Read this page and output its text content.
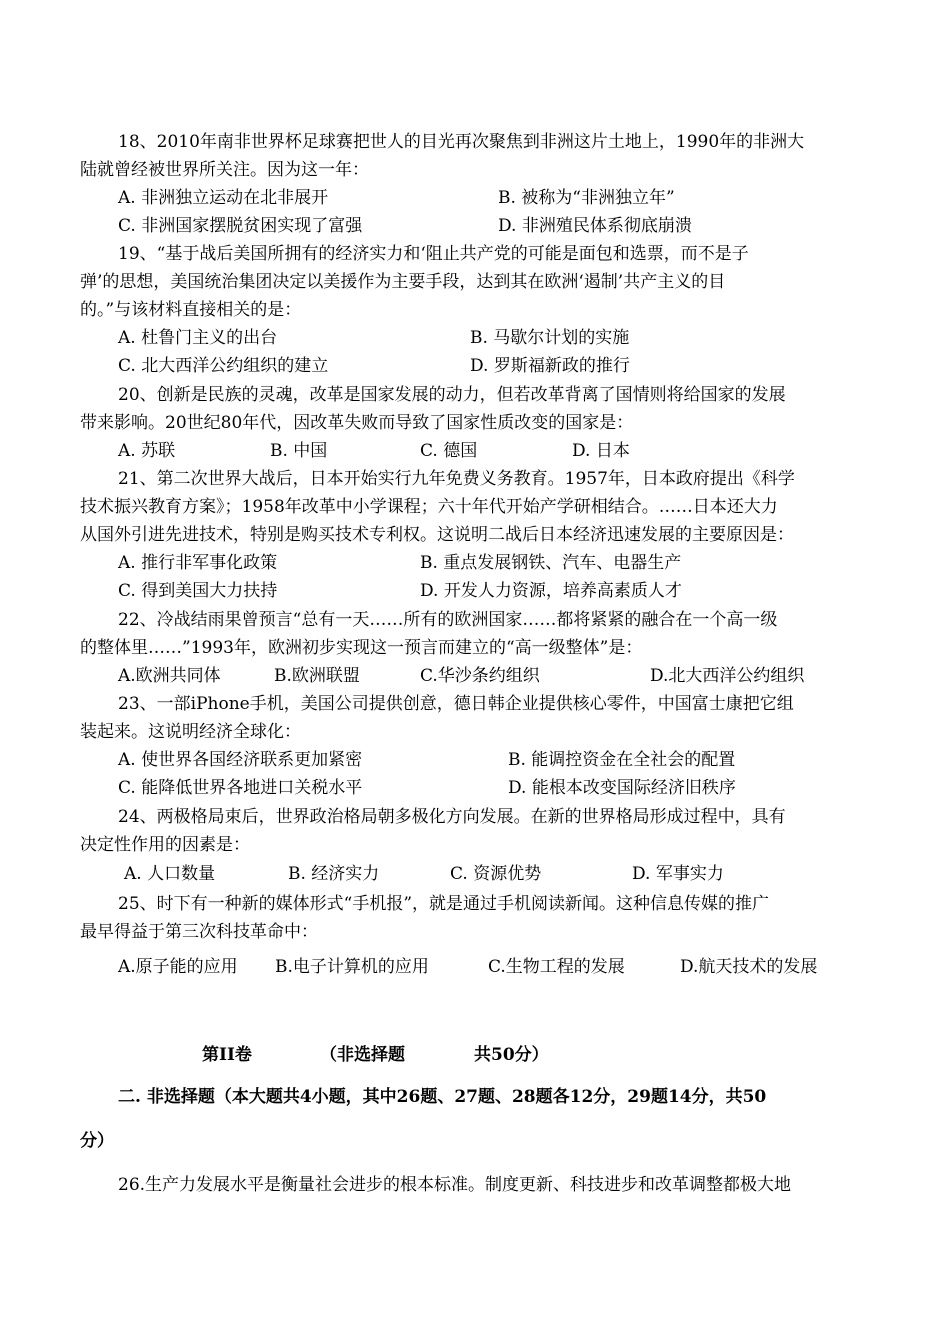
18、2010年南非世界杯足球赛把世人的目光再次聚焦到非洲这片土地上，1990年的非洲大
陆就曾经被世界所关注。因为这一年：
A. 非洲独立运动在北非展开	B. 被称为“非洲独立年”
C. 非洲国家摆脱贫困实现了富强	D. 非洲殖民体系彻底崩溃
19、“基于战后美国所拥有的经济实力和‘阻止共产党的可能是面包和选票，而不是子
弹’的思想，美国统治集团决定以美援作为主要手段，达到其在欧洲‘遏制’共产主义的目
的。”与该材料直接相关的是：
A. 杜鲁门主义的出台	B. 马歇尔计划的实施
C. 北大西洋公约组织的建立	D. 罗斯福新政的推行
20、创新是民族的灵魂，改革是国家发展的动力，但若改革背离了国情则将给国家的发展
带来影响。20世纪80年代，因改革失败而导致了国家性质改变的国家是：
A. 苏联	B. 中国	C. 德国	D. 日本
21、第二次世界大战后，日本开始实行九年免费义务教育。1957年，日本政府提出《科学
技术振兴教育方案》；1958年改革中小学课程；六十年代开始产学研相结合。……日本还大力
从国外引进先进技术，特别是购买技术专利权。这说明二战后日本经济迅速发展的主要原因是：
A. 推行非军事化政策	B. 重点发展钢铁、汽车、电器生产
C. 得到美国大力扶持	D. 开发人力资源，培养高素质人才
22、冷战结雨果曾预言“总有一天……所有的欧洲国家……都将紧紧的融合在一个高一级
的整体里……”1993年，欧洲初步实现这一预言而建立的“高一级整体”是：
A.欧洲共同体	B.欧洲联盟	C.华沙条约组织	D.北大西洋公约组织
23、一部iPhone手机，美国公司提供创意，德日韩企业提供核心零件，中国富士康把它组
装起来。这说明经济全球化：
A. 使世界各国经济联系更加紧密	B. 能调控资金在全社会的配置
C. 能降低世界各地进口关税水平	D. 能根本改变国际经济旧秩序
24、两极格局束后，世界政治格局朝多极化方向发展。在新的世界格局形成过程中，具有
决定性作用的因素是：
A. 人口数量	B. 经济实力	C. 资源优势	D. 军事实力
25、时下有一种新的媒体形式“手机报”，就是通过手机阅读新闻。这种信息传媒的推广
最早得益于第三次科技革命中：
A.原子能的应用 B.电子计算机的应用	C.生物工程的发展	D.航天技术的发展
第II卷	（非选择题	共50分）
二. 非选择题（本大题共4小题，其中26题、27题、28题各12分，29题14分，共50
分）
26.生产力发展水平是衡量社会进步的根本标准。制度更新、科技进步和改革调整都极大地
